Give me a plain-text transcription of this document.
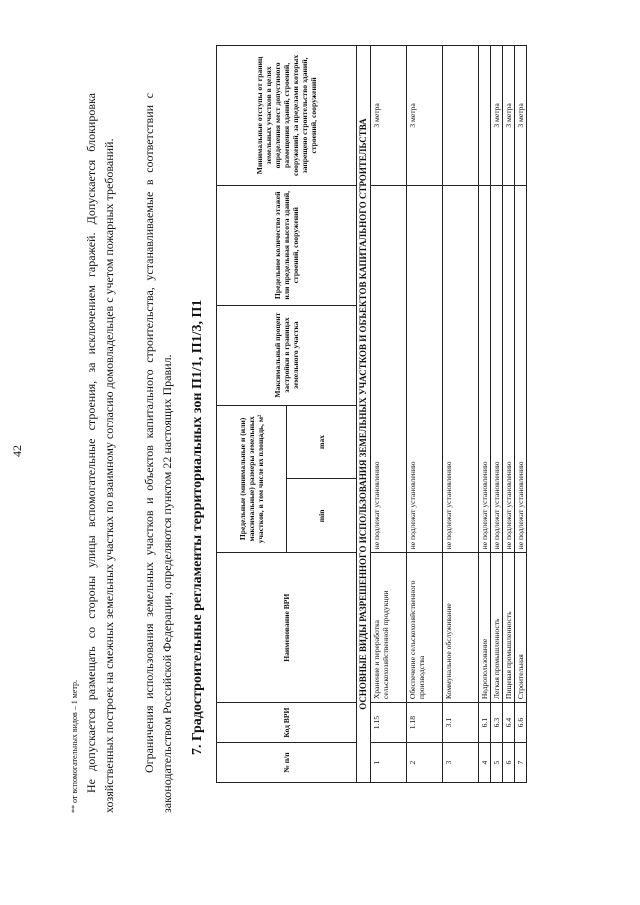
42
** от вспомогательных видов – 1 метр. Не допускается размещать со стороны улицы вспомогательные строения, за исключением гаражей. Допускается блокировка хозяйственных построек на смежных земельных участках по взаимному согласию домовладельцев с учетом пожарных требований. Ограничения использования земельных участков и объектов капитального строительства, устанавливаемые в соответствии с законодательством Российской Федерации, определяются пунктом 22 настоящих Правил. 7. Градостроительные регламенты территориальных зон П1/1, П1/3, П1
№ п/п	Код ВРИ	Наименование ВРИ	Предельные (минимальные и (или) максимальные) размеры земельных участков, в том числе их площадь, м²		Максимальный процент застройки в границах земельного участка	Предельное количество этажей или предельная высота зданий, строений, сооружений	Минимальные отступы от границ земельных участков в целях определения мест допустимого размещения зданий, строений, сооружений, за пределами которых запрещено строительство зданий, строений, сооружений
			min	max			
ОСНОВНЫЕ ВИДЫ РАЗРЕШЕННОГО ИСПОЛЬЗОВАНИЯ ЗЕМЕЛЬНЫХ УЧАСТКОВ И ОБЪЕКТОВ КАПИТАЛЬНОГО СТРОИТЕЛЬСТВА							
1	1.15	Хранение и переработка сельскохозяйственной продукции	не подлежат установлению				3 метра
2	1.18	Обеспечение сельскохозяйственного производства	не подлежат установлению				3 метра
3	3.1	Коммунальное обслуживание	не подлежат установлению				
4	6.1	Недропользование	не подлежат установлению				
5	6.3	Легкая промышленность	не подлежат установлению				3 метра
6	6.4	Пищевая промышленность	не подлежат установлению				3 метра
7	6.6	Строительная	не подлежат установлению				3 метра
